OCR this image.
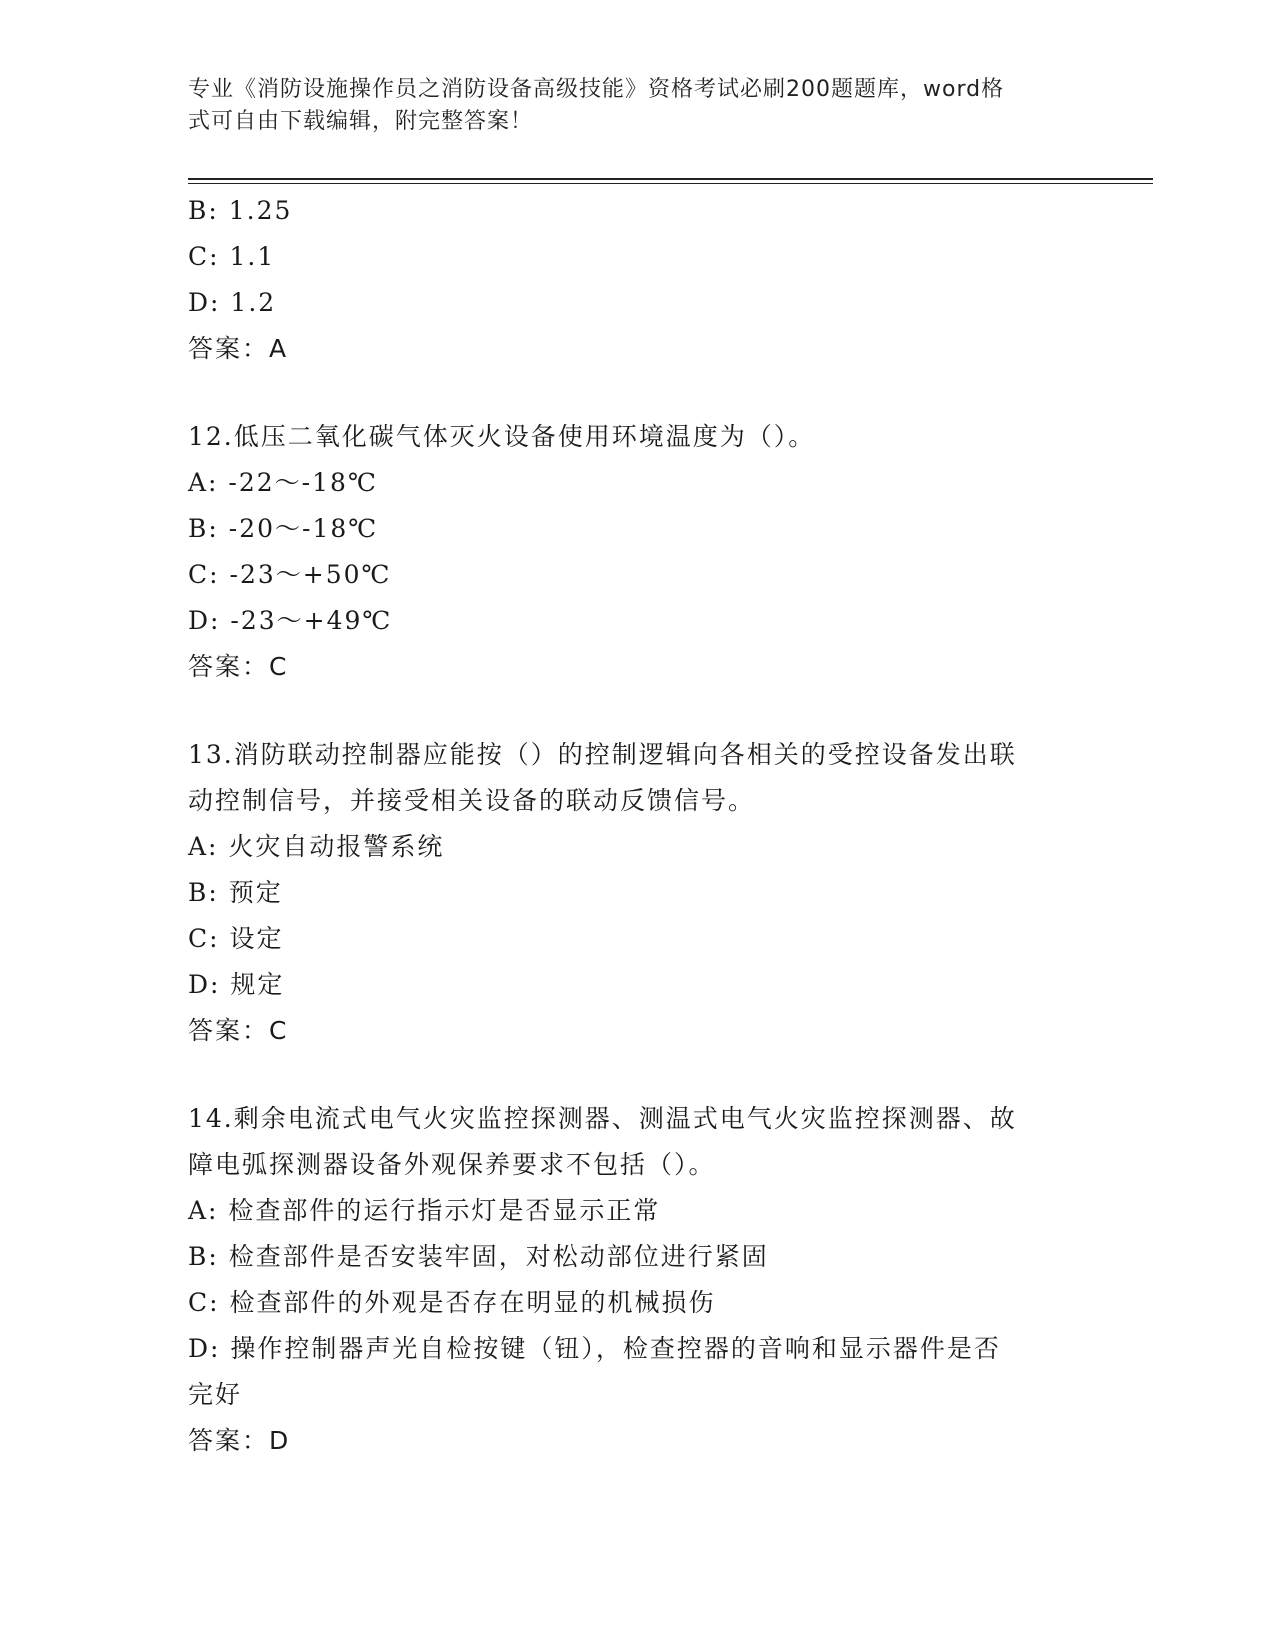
专业《消防设施操作员之消防设备高级技能》资格考试必刷200题题库，word格
式可自由下载编辑，附完整答案！
B: 1.25
C: 1.1
D: 1.2
答案：A
12.低压二氧化碳气体灭火设备使用环境温度为（）。
A: -22～-18℃
B: -20～-18℃
C: -23～+50℃
D: -23～+49℃
答案：C
13.消防联动控制器应能按（）的控制逻辑向各相关的受控设备发出联
动控制信号，并接受相关设备的联动反馈信号。
A: 火灾自动报警系统
B: 预定
C: 设定
D: 规定
答案：C
14.剩余电流式电气火灾监控探测器、测温式电气火灾监控探测器、故
障电弧探测器设备外观保养要求不包括（）。
A: 检查部件的运行指示灯是否显示正常
B: 检查部件是否安装牢固，对松动部位进行紧固
C: 检查部件的外观是否存在明显的机械损伤
D: 操作控制器声光自检按键（钮），检查控器的音响和显示器件是否
完好
答案：D
